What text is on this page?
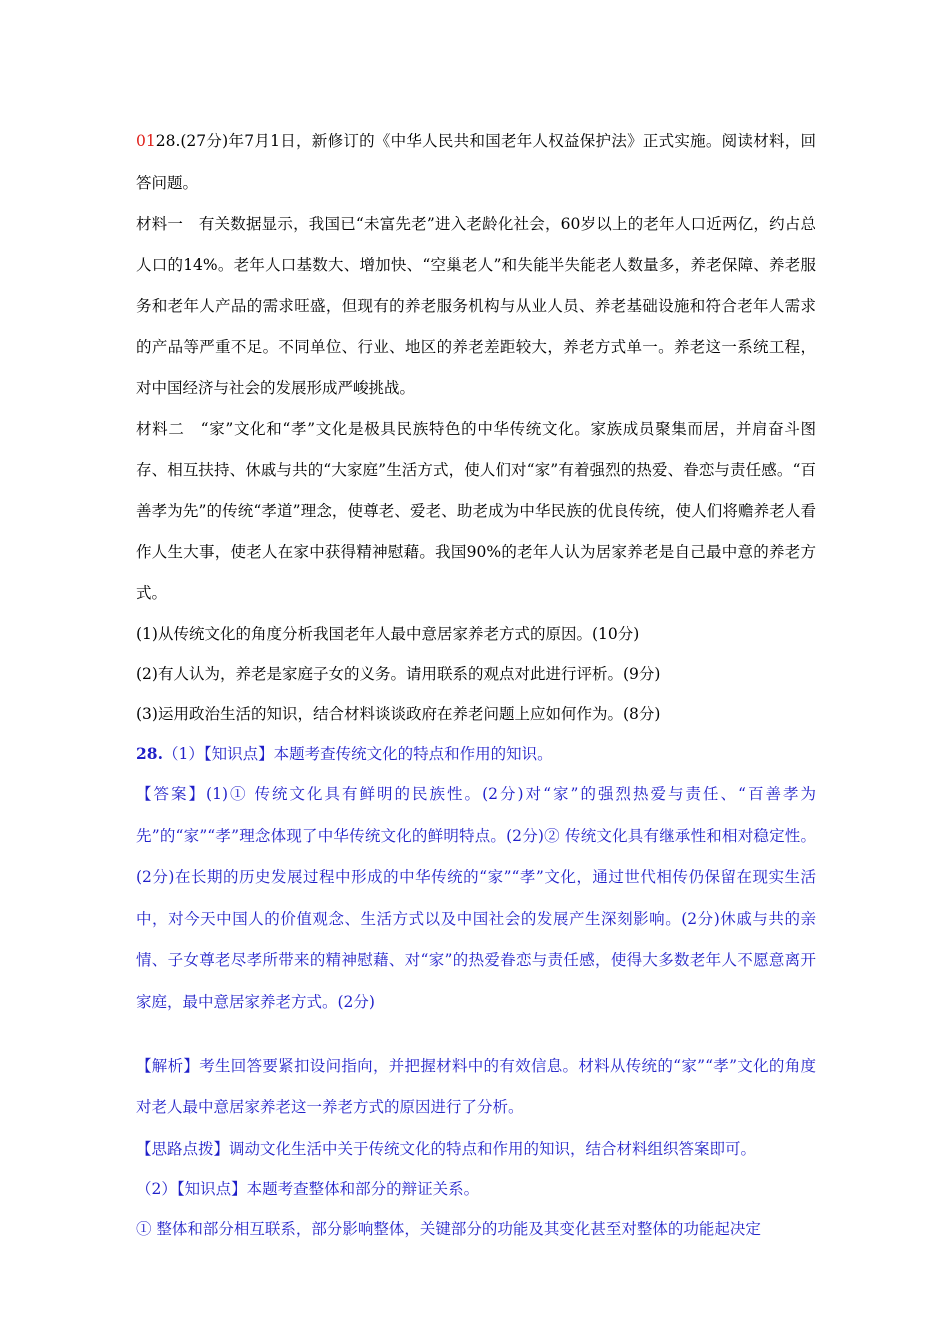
0128.(27分)年7月1日，新修订的《中华人民共和国老年人权益保护法》正式实施。阅读材料，回答问题。

材料一　有关数据显示，我国已“未富先老”进入老龄化社会，60岁以上的老年人口近两亿，约占总人口的14%。老年人口基数大、增加快、“空巢老人”和失能半失能老人数量多，养老保障、养老服务和老年人产品的需求旺盛，但现有的养老服务机构与从业人员、养老基础设施和符合老年人需求的产品等严重不足。不同单位、行业、地区的养老差距较大，养老方式单一。养老这一系统工程，对中国经济与社会的发展形成严峻挑战。

材料二　“家”文化和“孝”文化是极具民族特色的中华传统文化。家族成员聚集而居，并肩奋斗图存、相互扶持、休戚与共的“大家庭”生活方式，使人们对“家”有着强烈的热爱、眷恋与责任感。“百善孝为先”的传统“孝道”理念，使尊老、爱老、助老成为中华民族的优良传统，使人们将赡养老人看作人生大事，使老人在家中获得精神慰藉。我国90%的老年人认为居家养老是自己最中意的养老方式。

(1)从传统文化的角度分析我国老年人最中意居家养老方式的原因。(10分)

(2)有人认为，养老是家庭子女的义务。请用联系的观点对此进行评析。(9分)

(3)运用政治生活的知识，结合材料谈谈政府在养老问题上应如何作为。(8分)

28.（1）【知识点】本题考查传统文化的特点和作用的知识。

【答案】(1)① 传统文化具有鲜明的民族性。(2分)对“家”的强烈热爱与责任、“百善孝为先”的“家”“孝”理念体现了中华传统文化的鲜明特点。(2分)② 传统文化具有继承性和相对稳定性。(2分)在长期的历史发展过程中形成的中华传统的“家”“孝”文化，通过世代相传仍保留在现实生活中，对今天中国人的价值观念、生活方式以及中国社会的发展产生深刻影响。(2分)休戚与共的亲情、子女尊老尽孝所带来的精神慰藉、对“家”的热爱眷恋与责任感，使得大多数老年人不愿意离开家庭，最中意居家养老方式。(2分)

【解析】考生回答要紧扣设问指向，并把握材料中的有效信息。材料从传统的“家”“孝”文化的角度对老人最中意居家养老这一养老方式的原因进行了分析。

【思路点拨】调动文化生活中关于传统文化的特点和作用的知识，结合材料组织答案即可。

（2）【知识点】本题考查整体和部分的辩证关系。

① 整体和部分相互联系，部分影响整体，关键部分的功能及其变化甚至对整体的功能起决定
